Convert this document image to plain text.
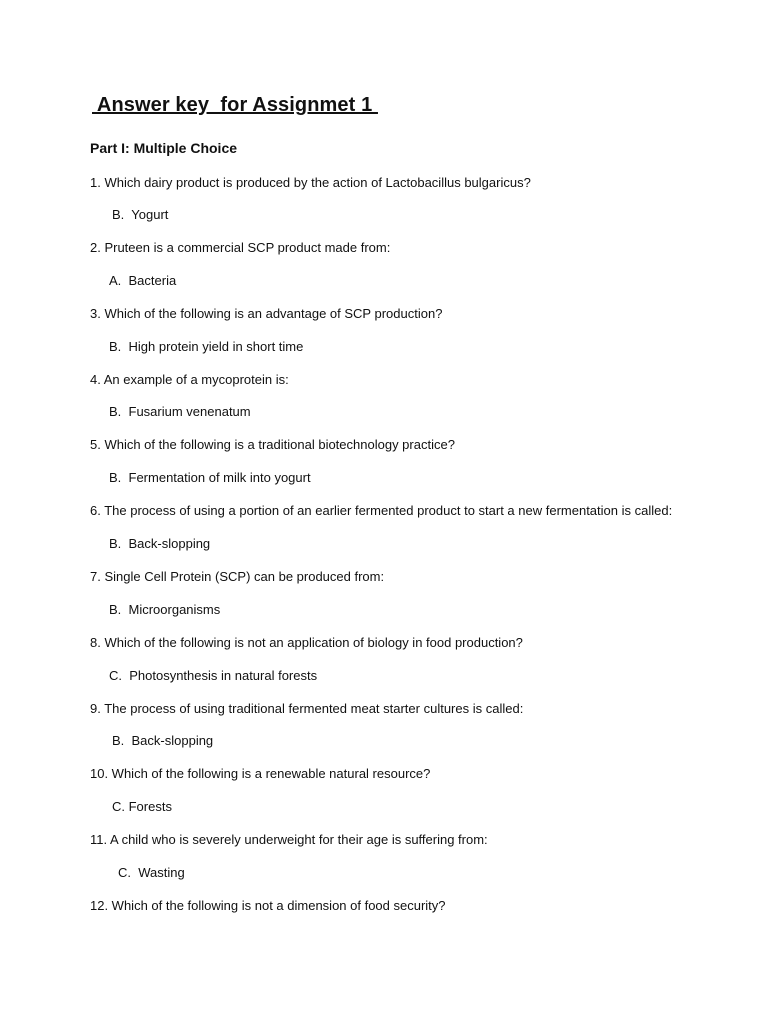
Answer key  for Assignmet 1
Part I: Multiple Choice
1. Which dairy product is produced by the action of Lactobacillus bulgaricus?
B.  Yogurt
2. Pruteen is a commercial SCP product made from:
A.  Bacteria
3. Which of the following is an advantage of SCP production?
B.  High protein yield in short time
4. An example of a mycoprotein is:
B.  Fusarium venenatum
5. Which of the following is a traditional biotechnology practice?
B.  Fermentation of milk into yogurt
6. The process of using a portion of an earlier fermented product to start a new fermentation is called:
B.  Back-slopping
7. Single Cell Protein (SCP) can be produced from:
B.  Microorganisms
8. Which of the following is not an application of biology in food production?
C.  Photosynthesis in natural forests
9. The process of using traditional fermented meat starter cultures is called:
B.  Back-slopping
10. Which of the following is a renewable natural resource?
C. Forests
11. A child who is severely underweight for their age is suffering from:
C.  Wasting
12. Which of the following is not a dimension of food security?
